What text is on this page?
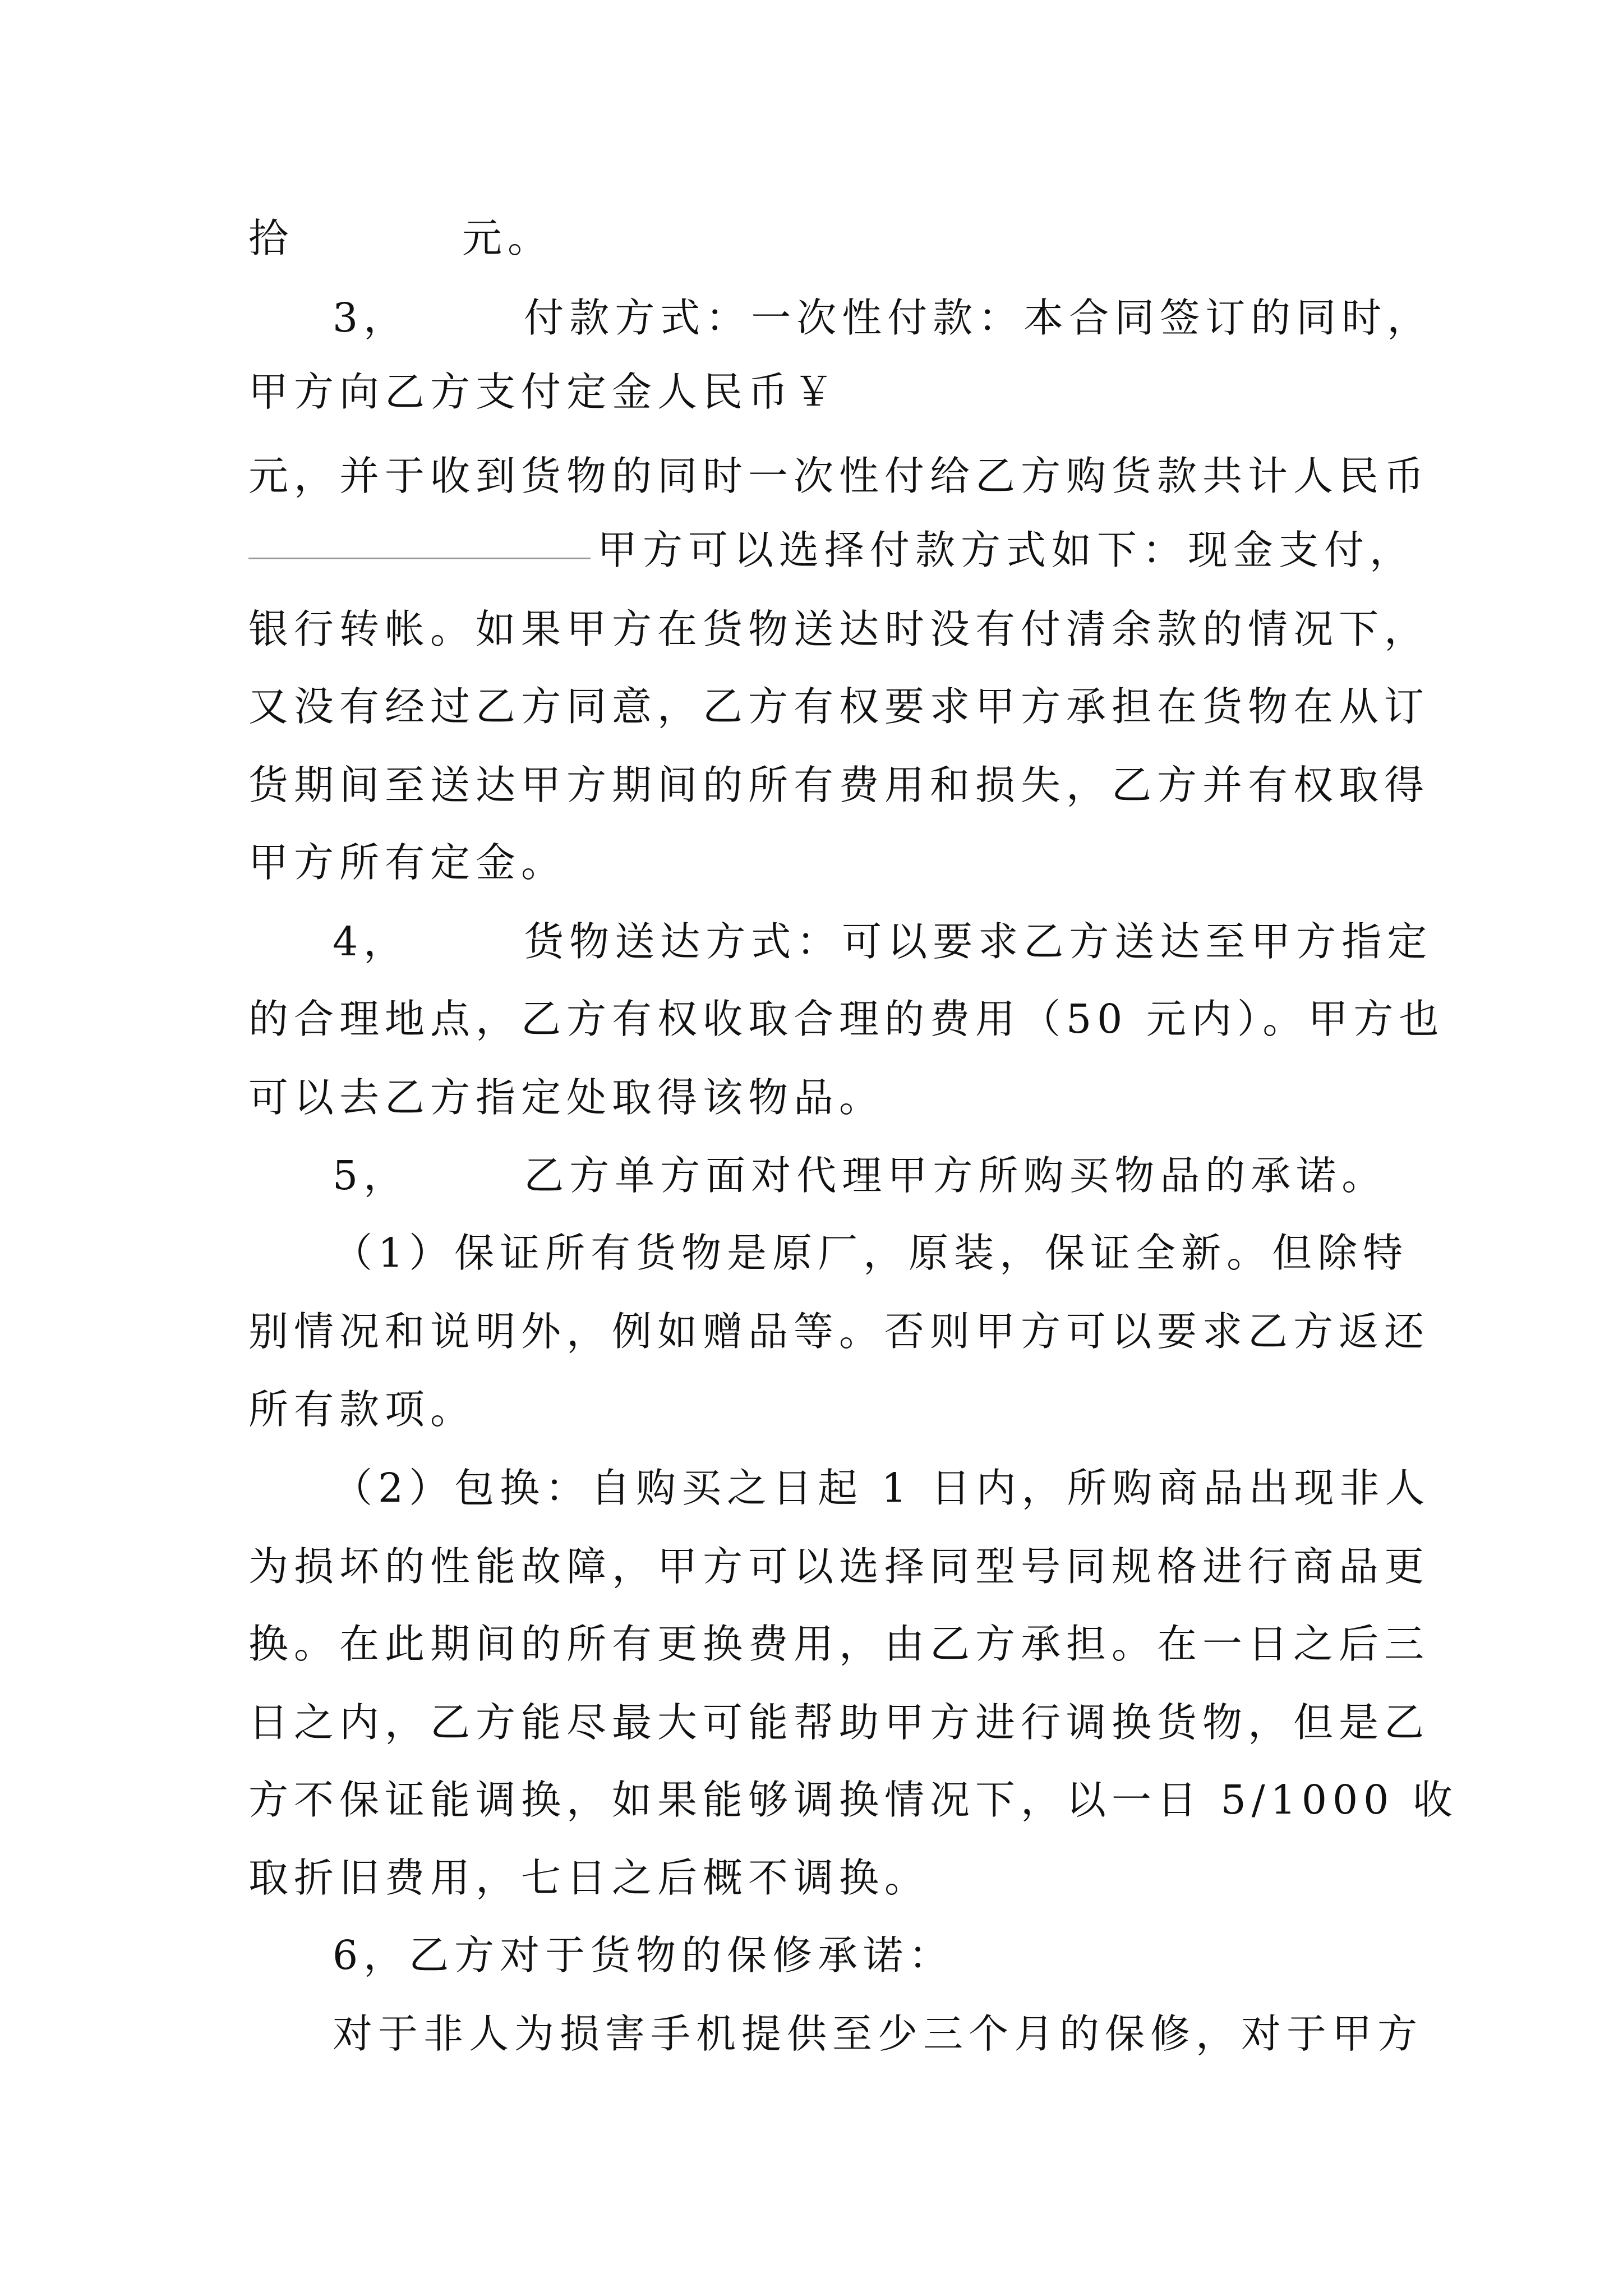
拾	元。
3，	付款方式：一次性付款：本合同签订的同时，
甲方向乙方支付定金人民币￥
元，并于收到货物的同时一次性付给乙方购货款共计人民币
甲方可以选择付款方式如下：现金支付，
银行转帐。如果甲方在货物送达时没有付清余款的情况下，
又没有经过乙方同意，乙方有权要求甲方承担在货物在从订
货期间至送达甲方期间的所有费用和损失，乙方并有权取得
甲方所有定金。
4，	货物送达方式：可以要求乙方送达至甲方指定
的合理地点，乙方有权收取合理的费用（50 元内）。甲方也
可以去乙方指定处取得该物品。
5，	乙方单方面对代理甲方所购买物品的承诺。
（1）保证所有货物是原厂，原装，保证全新。但除特
别情况和说明外，例如赠品等。否则甲方可以要求乙方返还
所有款项。
（2）包换：自购买之日起 1 日内，所购商品出现非人
为损坏的性能故障，甲方可以选择同型号同规格进行商品更
换。在此期间的所有更换费用，由乙方承担。在一日之后三
日之内，乙方能尽最大可能帮助甲方进行调换货物，但是乙
方不保证能调换，如果能够调换情况下，以一日 5/1000 收
取折旧费用，七日之后概不调换。
6，乙方对于货物的保修承诺：
对于非人为损害手机提供至少三个月的保修，对于甲方
